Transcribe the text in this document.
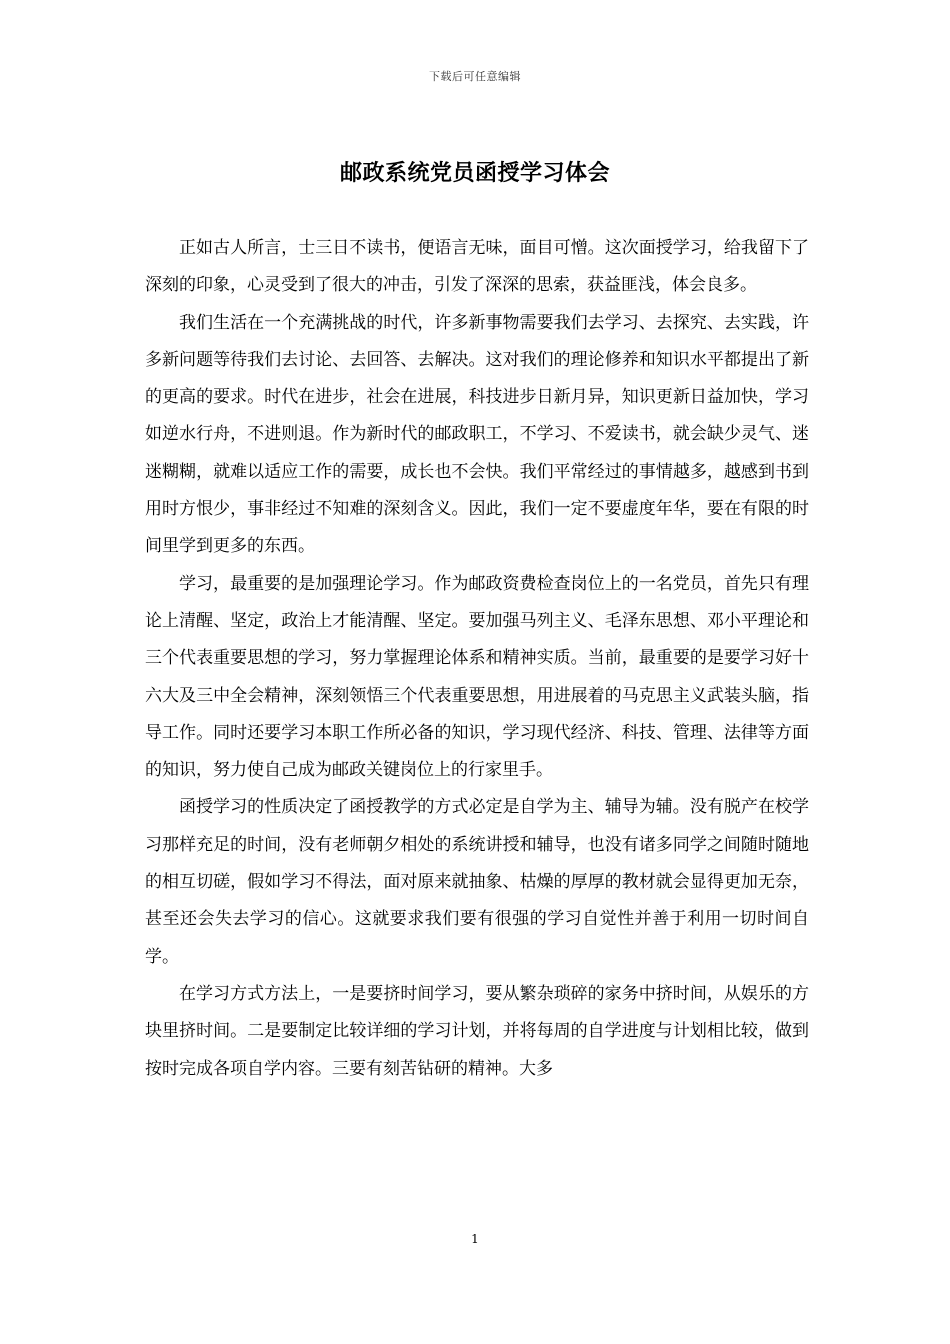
下载后可任意编辑
邮政系统党员函授学习体会

正如古人所言，士三日不读书，便语言无味，面目可憎。这次面授学习，给我留下了深刻的印象，心灵受到了很大的冲击，引发了深深的思索，获益匪浅，体会良多。

我们生活在一个充满挑战的时代，许多新事物需要我们去学习、去探究、去实践，许多新问题等待我们去讨论、去回答、去解决。这对我们的理论修养和知识水平都提出了新的更高的要求。时代在进步，社会在进展，科技进步日新月异，知识更新日益加快，学习如逆水行舟，不进则退。作为新时代的邮政职工，不学习、不爱读书，就会缺少灵气、迷迷糊糊，就难以适应工作的需要，成长也不会快。我们平常经过的事情越多，越感到书到用时方恨少，事非经过不知难的深刻含义。因此，我们一定不要虚度年华，要在有限的时间里学到更多的东西。

学习，最重要的是加强理论学习。作为邮政资费检查岗位上的一名党员，首先只有理论上清醒、坚定，政治上才能清醒、坚定。要加强马列主义、毛泽东思想、邓小平理论和三个代表重要思想的学习，努力掌握理论体系和精神实质。当前，最重要的是要学习好十六大及三中全会精神，深刻领悟三个代表重要思想，用进展着的马克思主义武装头脑，指导工作。同时还要学习本职工作所必备的知识，学习现代经济、科技、管理、法律等方面的知识，努力使自己成为邮政关键岗位上的行家里手。

函授学习的性质决定了函授教学的方式必定是自学为主、辅导为辅。没有脱产在校学习那样充足的时间，没有老师朝夕相处的系统讲授和辅导，也没有诸多同学之间随时随地的相互切磋，假如学习不得法，面对原来就抽象、枯燥的厚厚的教材就会显得更加无奈，甚至还会失去学习的信心。这就要求我们要有很强的学习自觉性并善于利用一切时间自学。

在学习方式方法上，一是要挤时间学习，要从繁杂琐碎的家务中挤时间，从娱乐的方块里挤时间。二是要制定比较详细的学习计划，并将每周的自学进度与计划相比较，做到按时完成各项自学内容。三要有刻苦钻研的精神。大多

1
